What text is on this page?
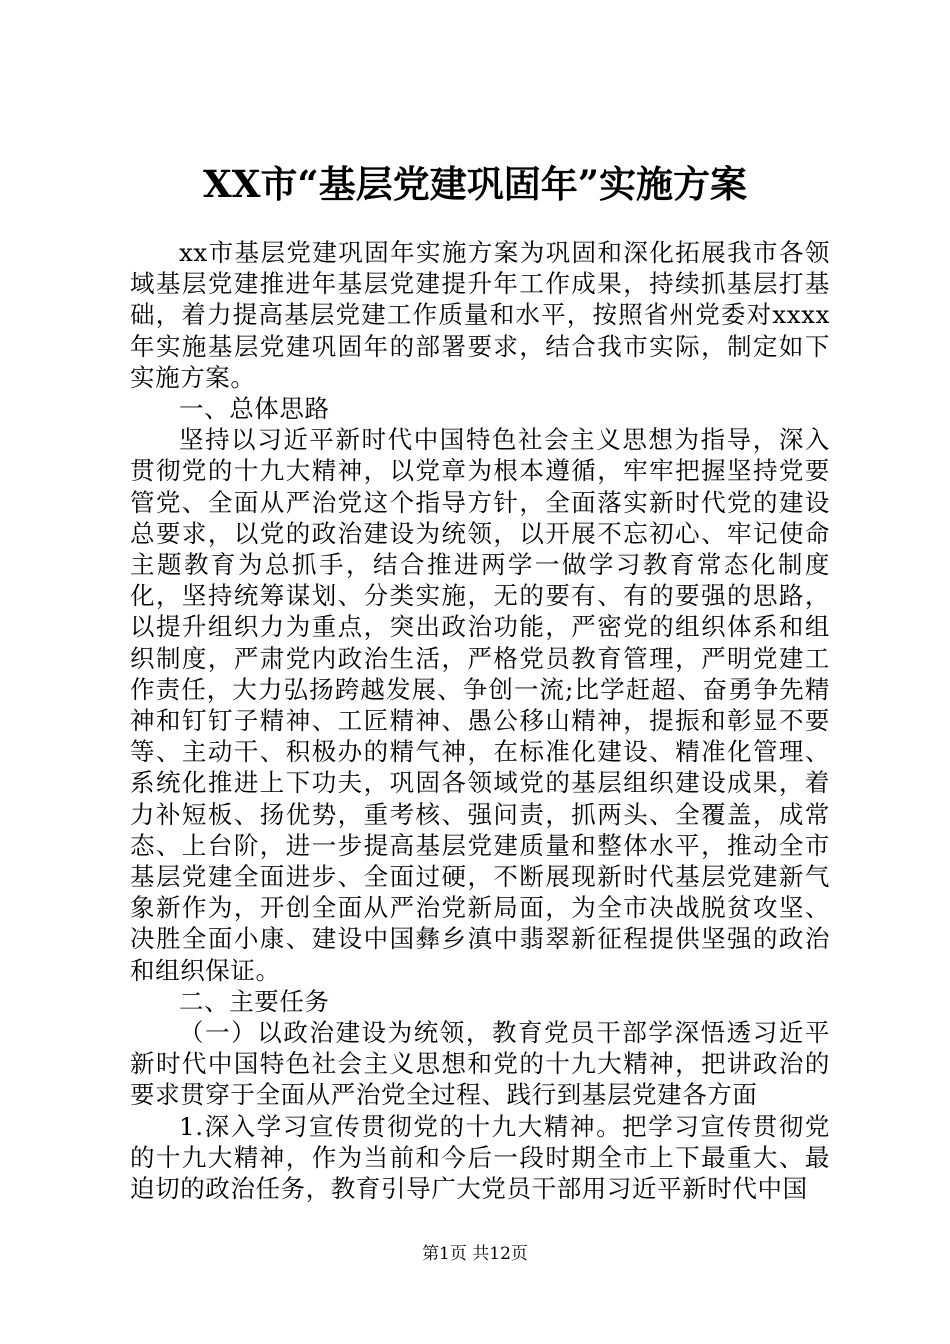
XX市“基层党建巩固年”实施方案

xx市基层党建巩固年实施方案为巩固和深化拓展我市各领域基层党建推进年基层党建提升年工作成果，持续抓基层打基础，着力提高基层党建工作质量和水平，按照省州党委对xxxx年实施基层党建巩固年的部署要求，结合我市实际，制定如下实施方案。

一、总体思路

坚持以习近平新时代中国特色社会主义思想为指导，深入贯彻党的十九大精神，以党章为根本遵循，牢牢把握坚持党要管党、全面从严治党这个指导方针，全面落实新时代党的建设总要求，以党的政治建设为统领，以开展不忘初心、牢记使命主题教育为总抓手，结合推进两学一做学习教育常态化制度化，坚持统筹谋划、分类实施，无的要有、有的要强的思路，以提升组织力为重点，突出政治功能，严密党的组织体系和组织制度，严肃党内政治生活，严格党员教育管理，严明党建工作责任，大力弘扬跨越发展、争创一流;比学赶超、奋勇争先精神和钉钉子精神、工匠精神、愚公移山精神，提振和彰显不要等、主动干、积极办的精气神，在标准化建设、精准化管理、系统化推进上下功夫，巩固各领域党的基层组织建设成果，着力补短板、扬优势，重考核、强问责，抓两头、全覆盖，成常态、上台阶，进一步提高基层党建质量和整体水平，推动全市基层党建全面进步、全面过硬，不断展现新时代基层党建新气象新作为，开创全面从严治党新局面，为全市决战脱贫攻坚、决胜全面小康、建设中国彝乡滇中翡翠新征程提供坚强的政治和组织保证。

二、主要任务

（一）以政治建设为统领，教育党员干部学深悟透习近平新时代中国特色社会主义思想和党的十九大精神，把讲政治的要求贯穿于全面从严治党全过程、践行到基层党建各方面

1.深入学习宣传贯彻党的十九大精神。把学习宣传贯彻党的十九大精神，作为当前和今后一段时期全市上下最重大、最迫切的政治任务，教育引导广大党员干部用习近平新时代中国

第1页 共12页
